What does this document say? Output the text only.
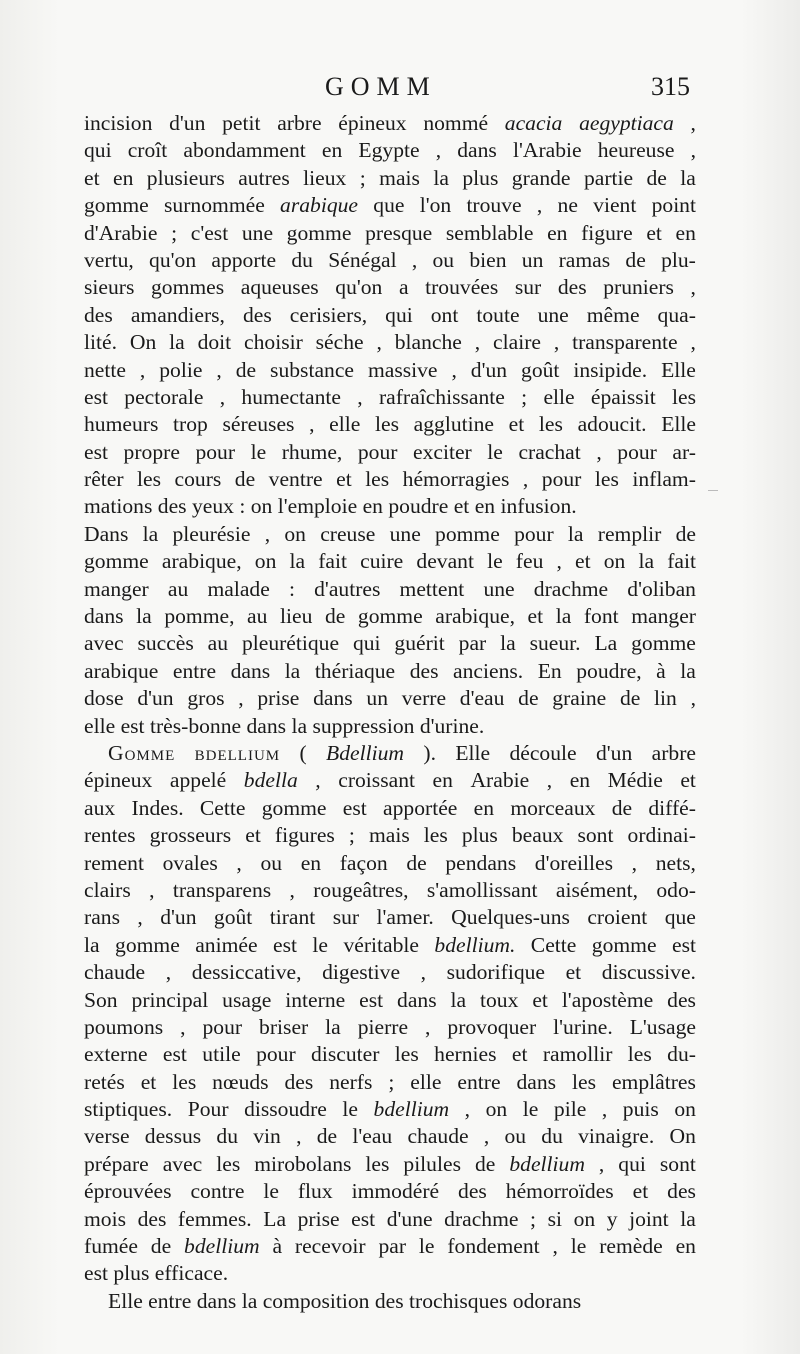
GOMM	315
incision d'un petit arbre épineux nommé acacia aegyptiaca ,
qui croît abondamment en Egypte , dans l'Arabie heureuse ,
et en plusieurs autres lieux ; mais la plus grande partie de la
gomme surnommée arabique que l'on trouve , ne vient point
d'Arabie ; c'est une gomme presque semblable en figure et en
vertu, qu'on apporte du Sénégal , ou bien un ramas de plu-
sieurs gommes aqueuses qu'on a trouvées sur des pruniers ,
des amandiers, des cerisiers, qui ont toute une même qua-
lité. On la doit choisir séche , blanche , claire , transparente ,
nette , polie , de substance massive , d'un goût insipide. Elle
est pectorale , humectante , rafraîchissante ; elle épaissit les
humeurs trop séreuses , elle les agglutine et les adoucit. Elle
est propre pour le rhume, pour exciter le crachat , pour ar-
rêter les cours de ventre et les hémorragies , pour les inflam-
mations des yeux : on l'emploie en poudre et en infusion.
Dans la pleurésie , on creuse une pomme pour la remplir de
gomme arabique, on la fait cuire devant le feu , et on la fait
manger au malade : d'autres mettent une drachme d'oliban
dans la pomme, au lieu de gomme arabique, et la font manger
avec succès au pleurétique qui guérit par la sueur. La gomme
arabique entre dans la thériaque des anciens. En poudre, à la
dose d'un gros , prise dans un verre d'eau de graine de lin ,
elle est très-bonne dans la suppression d'urine.
Gomme bdellium ( Bdellium ). Elle découle d'un arbre
épineux appelé bdella , croissant en Arabie , en Médie et
aux Indes. Cette gomme est apportée en morceaux de diffé-
rentes grosseurs et figures ; mais les plus beaux sont ordinai-
rement ovales , ou en façon de pendans d'oreilles , nets,
clairs , transparens , rougeâtres, s'amollissant aisément, odo-
rans , d'un goût tirant sur l'amer. Quelques-uns croient que
la gomme animée est le véritable bdellium. Cette gomme est
chaude , dessiccative, digestive , sudorifique et discussive.
Son principal usage interne est dans la toux et l'apostème des
poumons , pour briser la pierre , provoquer l'urine. L'usage
externe est utile pour discuter les hernies et ramollir les du-
retés et les nœuds des nerfs ; elle entre dans les emplâtres
stiptiques. Pour dissoudre le bdellium , on le pile , puis on
verse dessus du vin , de l'eau chaude , ou du vinaigre. On
prépare avec les mirobolans les pilules de bdellium , qui sont
éprouvées contre le flux immodéré des hémorroïdes et des
mois des femmes. La prise est d'une drachme ; si on y joint la
fumée de bdellium à recevoir par le fondement , le remède en
est plus efficace.
Elle entre dans la composition des trochisques odorans
